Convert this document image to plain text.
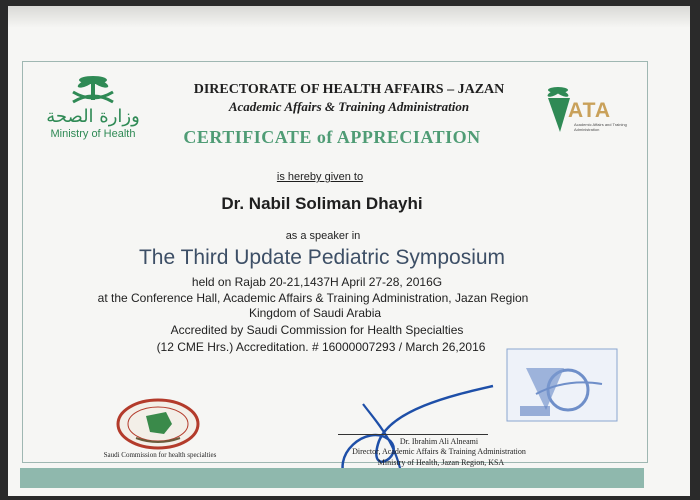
وزارة الصحة
Ministry of Health
ATA
Academic Affairs and Training Administration
DIRECTORATE OF HEALTH AFFAIRS – JAZAN
Academic Affairs & Training Administration
CERTIFICATE of APPRECIATION
is hereby given to
Dr. Nabil Soliman Dhayhi
as a speaker in
The Third Update Pediatric Symposium
held on Rajab 20-21,1437H April 27-28, 2016G
at the Conference Hall, Academic Affairs & Training Administration, Jazan Region
Kingdom of Saudi Arabia
Accredited by Saudi Commission for Health Specialties
(12 CME Hrs.) Accreditation. # 16000007293 / March 26,2016
Saudi Commission for health specialties
Dr. Ibrahim Ali Alneami
Director, Academic Affairs & Training Administration
Ministry of Health, Jazan Region, KSA
